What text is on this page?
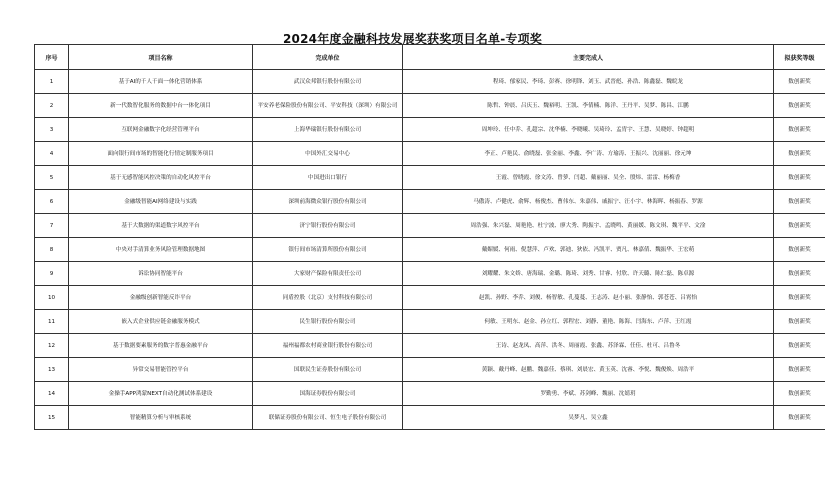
2024年度金融科技发展奖获奖项目名单-专项奖
序号	项目名称	完成单位	主要完成人	拟获奖等级
1	基于AI的千人千面一体化营销体系	武汉众邦银行股份有限公司	程琦、郁家民、李琦、彭赛、徐明锋、刘玉、武晋彪、孙浩、陈鑫磊、魏皖龙	数创新奖
2	新一代数智化服务的数据中台一体化项目	平安养老保险股份有限公司、平安科技（深圳）有限公司	陈哲、钟晨、吕庆玉、魏裕明、王凯、李倩楠、陈洋、王丹平、吴梦、陈昌、江鹏	数创新奖
3	互联网金融数字化经营管理平台	上海华瑞银行股份有限公司	周坤玲、任中乔、孔超宗、沈华楠、李晓曦、吴琦玲、孟胄宇、王慧、吴晓婷、钟超明	数创新奖
4	面向银行间市场的智能化行情定制服务项目	中国外汇交易中心	李正、卢艳民、俞晓磊、张金丽、李鑫、李广涛、方瑜涛、王振兴、沈丽丽、徐元坤	数创新奖
5	基于无感智能风控决策的自动化风控平台	中国进出口银行	王霞、曾晓霞、徐文涛、曾萝、闫超、戴丽丽、吴全、殷炜、雷雷、杨梅香	数创新奖
6	金融级智能AI网络建设与实践	深圳前海微众银行股份有限公司	马傲涛、卢健虎、俞辉、杨俊杰、曹伟东、朱嘉伟、戚振宁、汪小宇、林海晖、杨振春、罗源	数创新奖
7	基于大数据的渠道数字风控平台	济宁银行股份有限公司	周浩强、朱兴磊、周艳艳、杜宁波、廖大秀、陶振宇、孟晓鸣、黄丽媛、陈文琪、魏平平、文淦	数创新奖
8	中央对手清算业务风险管理数据地图	银行间市场清算所股份有限公司	戴媚媛、何雨、倪慧萍、卢欢、郭迪、狄依、冯凯平、贾凡、林嘉倩、魏振华、王宏萌	数创新奖
9	诉讼协同智能平台	大家财产保险有限责任公司	刘耀耀、朱文娇、唐海瑞、金璐、陈琦、刘秀、甘睿、付欣、许天璐、陈仁磊、陈卓源	数创新奖
10	金融级创新智能反诈平台	同盾控股（北京）支付科技有限公司	赵凯、孙野、李乔、刘俊、杨智敏、孔蔓蔓、王志涛、赵小丽、张静怡、郭苍苍、吕霄怡	数创新奖
11	嵌入式企业供应链金融服务模式	民生银行股份有限公司	何敏、王明东、赵金、孙立红、郭程宏、刘静、董艳、陈海、闫海东、卢萍、王红霞	数创新奖
12	基于数据要素服务的数字普惠金融平台	福州福都农村商业银行股份有限公司	王诗、赵龙凤、高萍、洪冬、周丽霞、张鑫、苏泽霖、任佳、杜可、吕鲁冬	数创新奖
13	异常交易智能管控平台	国联民生证券股份有限公司	黄颖、戴丹峰、赵鹏、魏嘉佳、蔡琪、刘晨宏、黄玉英、沈睿、李悦、魏俊焕、周浩平	数创新奖
14	金操手APP鸿蒙NEXT自动化测试体系建设	国海证券股份有限公司	罗勤勇、李斌、苏剑峰、魏丽、沈婧玥	数创新奖
15	智能精算分析与审核系统	联储证券股份有限公司、恒生电子股份有限公司	吴梦凡、吴立鑫	数创新奖
